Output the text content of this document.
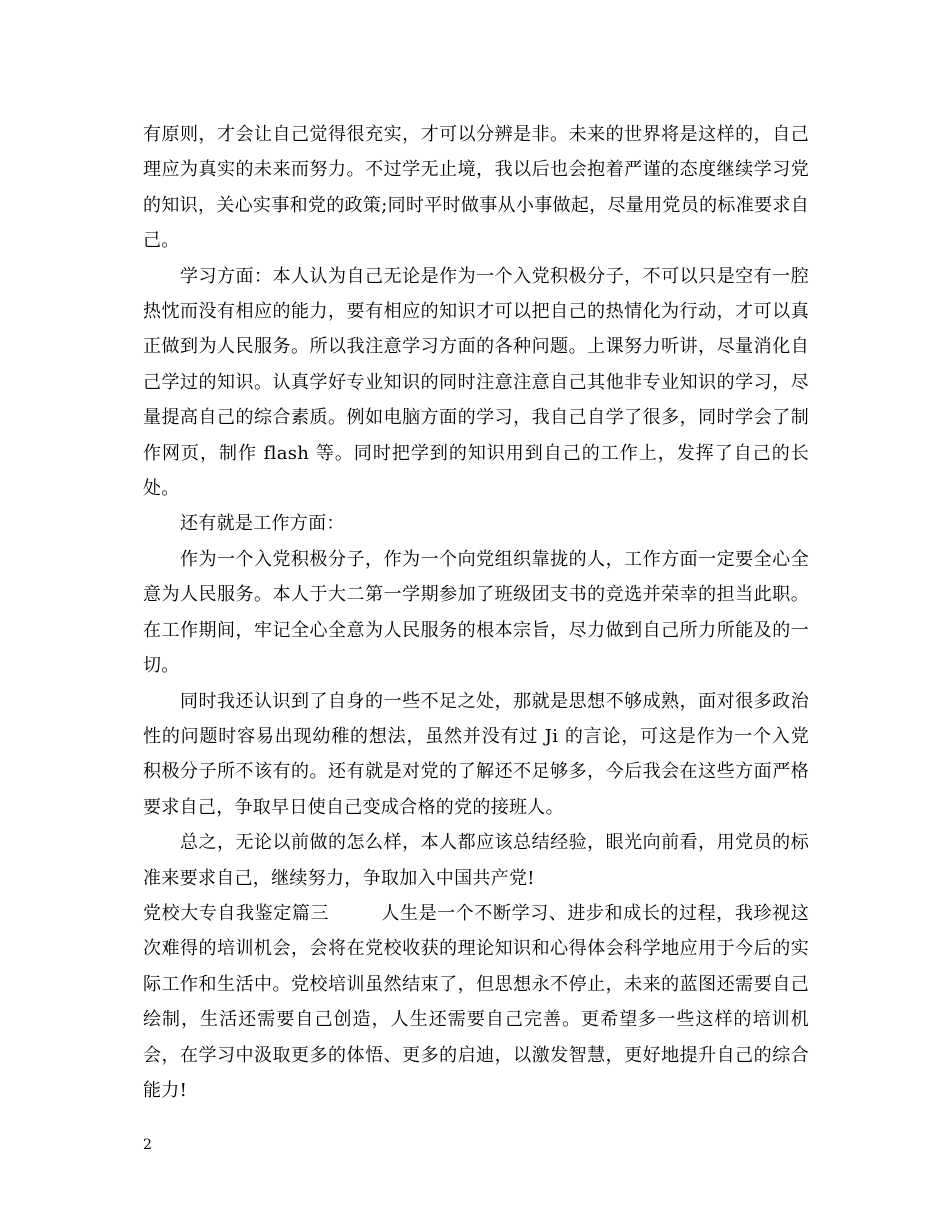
有原则，才会让自己觉得很充实，才可以分辨是非。未来的世界将是这样的，自己理应为真实的未来而努力。不过学无止境，我以后也会抱着严谨的态度继续学习党的知识，关心实事和党的政策;同时平时做事从小事做起，尽量用党员的标准要求自己。

学习方面：本人认为自己无论是作为一个入党积极分子，不可以只是空有一腔热忱而没有相应的能力，要有相应的知识才可以把自己的热情化为行动，才可以真正做到为人民服务。所以我注意学习方面的各种问题。上课努力听讲，尽量消化自己学过的知识。认真学好专业知识的同时注意注意自己其他非专业知识的学习，尽量提高自己的综合素质。例如电脑方面的学习，我自己自学了很多，同时学会了制作网页，制作 flash 等。同时把学到的知识用到自己的工作上，发挥了自己的长处。

还有就是工作方面：

作为一个入党积极分子，作为一个向党组织靠拢的人，工作方面一定要全心全意为人民服务。本人于大二第一学期参加了班级团支书的竞选并荣幸的担当此职。在工作期间，牢记全心全意为人民服务的根本宗旨，尽力做到自己所力所能及的一切。

同时我还认识到了自身的一些不足之处，那就是思想不够成熟，面对很多政治性的问题时容易出现幼稚的想法，虽然并没有过 Ji 的言论，可这是作为一个入党积极分子所不该有的。还有就是对党的了解还不足够多，今后我会在这些方面严格要求自己，争取早日使自己变成合格的党的接班人。

总之，无论以前做的怎么样，本人都应该总结经验，眼光向前看，用党员的标准来要求自己，继续努力，争取加入中国共产党!

党校大专自我鉴定篇三	人生是一个不断学习、进步和成长的过程，我珍视这次难得的培训机会，会将在党校收获的理论知识和心得体会科学地应用于今后的实际工作和生活中。党校培训虽然结束了，但思想永不停止，未来的蓝图还需要自己绘制，生活还需要自己创造，人生还需要自己完善。更希望多一些这样的培训机会，在学习中汲取更多的体悟、更多的启迪，以激发智慧，更好地提升自己的综合能力!

2
